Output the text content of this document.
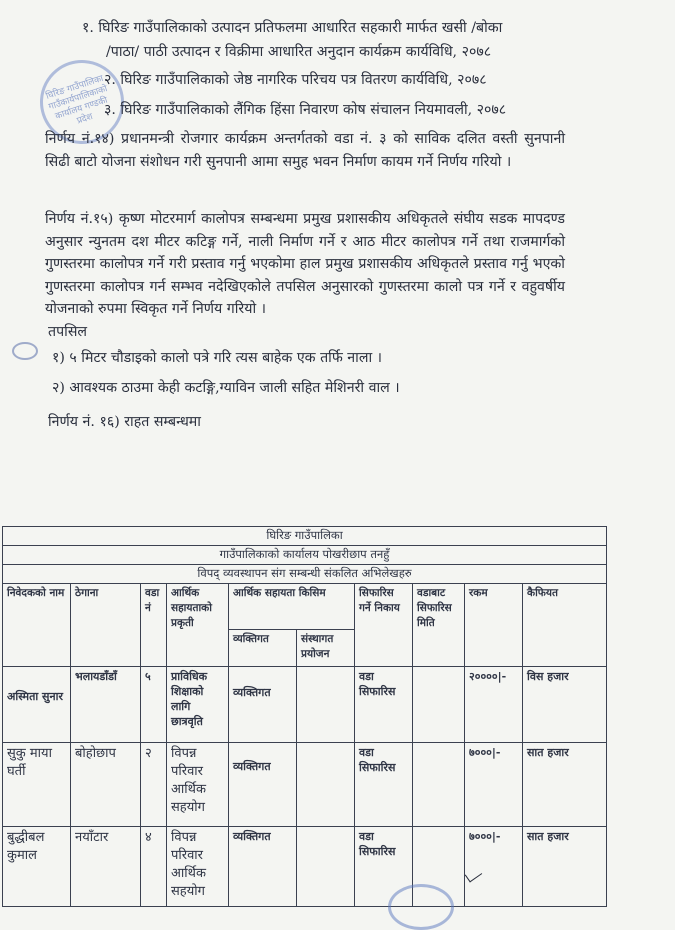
घिरिङ गाउँपालिका गाउँकार्यपालिकाको कार्यालय गण्डकी प्रदेश
१. घिरिङ गाउँपालिकाको उत्पादन प्रतिफलमा आधारित सहकारी मार्फत खसी /बोका
/पाठा/ पाठी उत्पादन र विक्रीमा आधारित अनुदान कार्यक्रम कार्यविधि, २०७८
२. घिरिङ गाउँपालिकाको जेष्ठ नागरिक परिचय पत्र वितरण कार्यविधि, २०७८
३. घिरिङ गाउँपालिकाको लैंगिक हिंसा निवारण कोष संचालन नियमावली, २०७८
निर्णय नं.१४) प्रधानमन्त्री रोजगार कार्यक्रम अन्तर्गतको वडा नं. ३ को साविक दलित वस्ती सुनपानी सिढी बाटो योजना संशोधन गरी सुनपानी आमा समुह भवन निर्माण कायम गर्ने निर्णय गरियो ।
निर्णय नं.१५) कृष्ण मोटरमार्ग कालोपत्र सम्बन्धमा प्रमुख प्रशासकीय अधिकृतले संघीय सडक मापदण्ड अनुसार न्युनतम दश मीटर कटिङ्ग गर्ने, नाली निर्माण गर्ने र आठ मीटर कालोपत्र गर्ने तथा राजमार्गको गुणस्तरमा कालोपत्र गर्ने गरी प्रस्ताव गर्नु भएकोमा हाल प्रमुख प्रशासकीय अधिकृतले प्रस्ताव गर्नु भएको गुणस्तरमा कालोपत्र गर्न सम्भव नदेखिएकोले तपसिल अनुसारको गुणस्तरमा कालो पत्र गर्ने र वहुवर्षीय योजनाको रुपमा स्विकृत गर्ने निर्णय गरियो ।
तपसिल
१) ५ मिटर चौडाइको कालो पत्रे गरि त्यस बाहेक एक तर्फि नाला ।
२) आवश्यक ठाउमा केही कटङ्गि,ग्याविन जाली सहित मेशिनरी वाल ।
निर्णय नं. १६) राहत सम्बन्धमा
घिरिङ गाउँपालिका									
गाउँपालिकाको कार्यालय पोखरीछाप तनहुँ									
विपद् व्यवस्थापन संग सम्बन्धी संकलित अभिलेखहरु									
निवेदकको नाम	ठेगाना	वडा नं	आर्थिक सहायताको प्रकृती	आर्थिक सहायता किसिम		सिफारिस गर्ने निकाय	वडाबाट सिफारिस मिति	रकम	कैफियत
				व्यक्तिगत	संस्थागत प्रयोजन				
अस्मिता सुनार	भलायडाँडाँ	५	प्राविधिक शिक्षाको लागि छात्रवृति	व्यक्तिगत		वडा सिफारिस		२००००|-	विस हजार
सुकु माया घर्ती	बोहोछाप	२	विपन्न परिवार आर्थिक सहयोग	व्यक्तिगत		वडा सिफारिस		७०००|-	सात हजार
बुद्धीबल कुमाल	नयाँटार	४	विपन्न परिवार आर्थिक सहयोग	व्यक्तिगत		वडा सिफारिस		७०००|-	सात हजार
